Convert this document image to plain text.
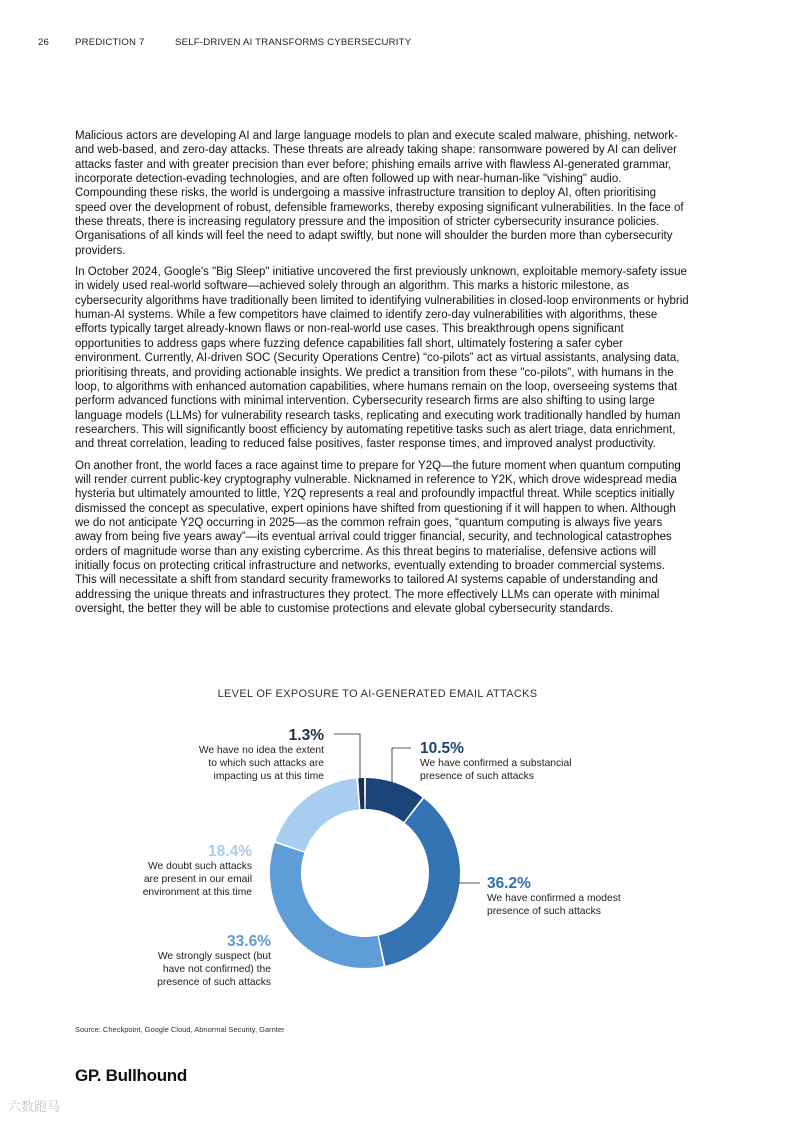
26	PREDICTION 7	SELF-DRIVEN AI TRANSFORMS CYBERSECURITY

Malicious actors are developing AI and large language models to plan and execute scaled malware, phishing, network- and web-based, and zero-day attacks. These threats are already taking shape: ransomware powered by AI can deliver attacks faster and with greater precision than ever before; phishing emails arrive with flawless AI-generated grammar, incorporate detection-evading technologies, and are often followed up with near-human-like "vishing" audio. Compounding these risks, the world is undergoing a massive infrastructure transition to deploy AI, often prioritising speed over the development of robust, defensible frameworks, thereby exposing significant vulnerabilities. In the face of these threats, there is increasing regulatory pressure and the imposition of stricter cybersecurity insurance policies. Organisations of all kinds will feel the need to adapt swiftly, but none will shoulder the burden more than cybersecurity providers.

In October 2024, Google's "Big Sleep" initiative uncovered the first previously unknown, exploitable memory-safety issue in widely used real-world software—achieved solely through an algorithm. This marks a historic milestone, as cybersecurity algorithms have traditionally been limited to identifying vulnerabilities in closed-loop environments or hybrid human-AI systems. While a few competitors have claimed to identify zero-day vulnerabilities with algorithms, these efforts typically target already-known flaws or non-real-world use cases. This breakthrough opens significant opportunities to address gaps where fuzzing defence capabilities fall short, ultimately fostering a safer cyber environment. Currently, AI-driven SOC (Security Operations Centre) “co-pilots” act as virtual assistants, analysing data, prioritising threats, and providing actionable insights. We predict a transition from these "co-pilots", with humans in the loop, to algorithms with enhanced automation capabilities, where humans remain on the loop, overseeing systems that perform advanced functions with minimal intervention. Cybersecurity research firms are also shifting to using large language models (LLMs) for vulnerability research tasks, replicating and executing work traditionally handled by human researchers. This will significantly boost efficiency by automating repetitive tasks such as alert triage, data enrichment, and threat correlation, leading to reduced false positives, faster response times, and improved analyst productivity.

On another front, the world faces a race against time to prepare for Y2Q—the future moment when quantum computing will render current public-key cryptography vulnerable. Nicknamed in reference to Y2K, which drove widespread media hysteria but ultimately amounted to little, Y2Q represents a real and profoundly impactful threat. While sceptics initially dismissed the concept as speculative, expert opinions have shifted from questioning if it will happen to when. Although we do not anticipate Y2Q occurring in 2025—as the common refrain goes, “quantum computing is always five years away from being five years away”—its eventual arrival could trigger financial, security, and technological catastrophes orders of magnitude worse than any existing cybercrime. As this threat begins to materialise, defensive actions will initially focus on protecting critical infrastructure and networks, eventually extending to broader commercial systems. This will necessitate a shift from standard security frameworks to tailored AI systems capable of understanding and addressing the unique threats and infrastructures they protect. The more effectively LLMs can operate with minimal oversight, the better they will be able to customise protections and elevate global cybersecurity standards.

LEVEL OF EXPOSURE TO AI-GENERATED EMAIL ATTACKS
10.5%
We have confirmed a substancial
presence of such attacks
36.2%
We have confirmed a modest
presence of such attacks
33.6%
We strongly suspect (but
have not confirmed) the
presence of such attacks
18.4%
We doubt such attacks
are present in our email
environment at this time
1.3%
We have no idea the extent
to which such attacks are
impacting us at this time
Source: Checkpoint, Google Cloud, Abnormal Security, Garnter
GP. Bullhound
六数跑马
